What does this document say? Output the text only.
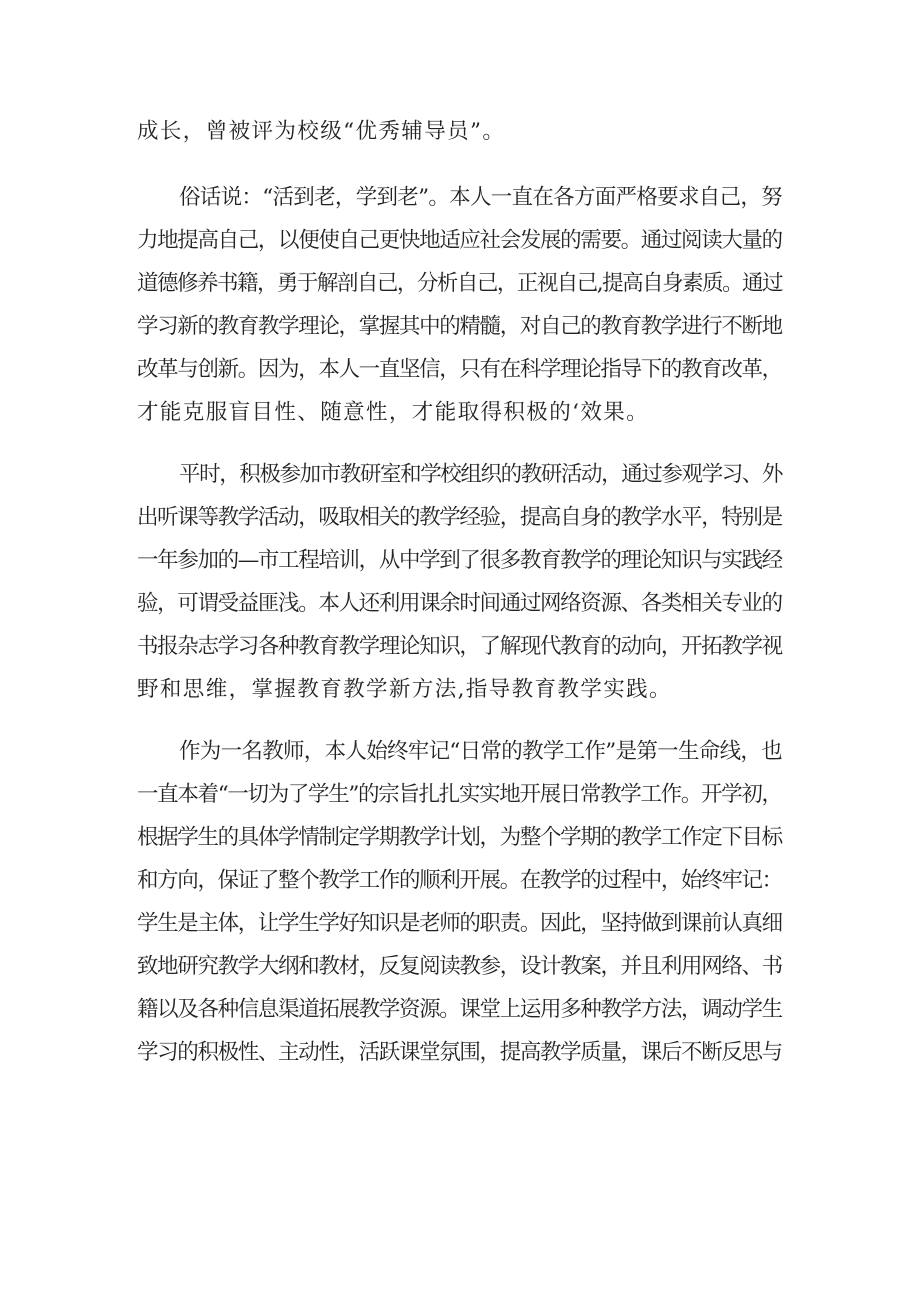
成长，曾被评为校级“优秀辅导员”。
俗话说：“活到老，学到老”。本人一直在各方面严格要求自己，努
力地提高自己，以便使自己更快地适应社会发展的需要。通过阅读大量的
道德修养书籍，勇于解剖自己，分析自己，正视自己,提高自身素质。通过
学习新的教育教学理论，掌握其中的精髓，对自己的教育教学进行不断地
改革与创新。因为，本人一直坚信，只有在科学理论指导下的教育改革，
才能克服盲目性、随意性，才能取得积极的‘效果。
平时，积极参加市教研室和学校组织的教研活动，通过参观学习、外
出听课等教学活动，吸取相关的教学经验，提高自身的教学水平，特别是
一年参加的—市工程培训，从中学到了很多教育教学的理论知识与实践经
验，可谓受益匪浅。本人还利用课余时间通过网络资源、各类相关专业的
书报杂志学习各种教育教学理论知识，了解现代教育的动向，开拓教学视
野和思维，掌握教育教学新方法,指导教育教学实践。
作为一名教师，本人始终牢记“日常的教学工作”是第一生命线，也
一直本着“一切为了学生”的宗旨扎扎实实地开展日常教学工作。开学初，
根据学生的具体学情制定学期教学计划，为整个学期的教学工作定下目标
和方向，保证了整个教学工作的顺利开展。在教学的过程中，始终牢记：
学生是主体，让学生学好知识是老师的职责。因此，坚持做到课前认真细
致地研究教学大纲和教材，反复阅读教参，设计教案，并且利用网络、书
籍以及各种信息渠道拓展教学资源。课堂上运用多种教学方法，调动学生
学习的积极性、主动性，活跃课堂氛围，提高教学质量，课后不断反思与
